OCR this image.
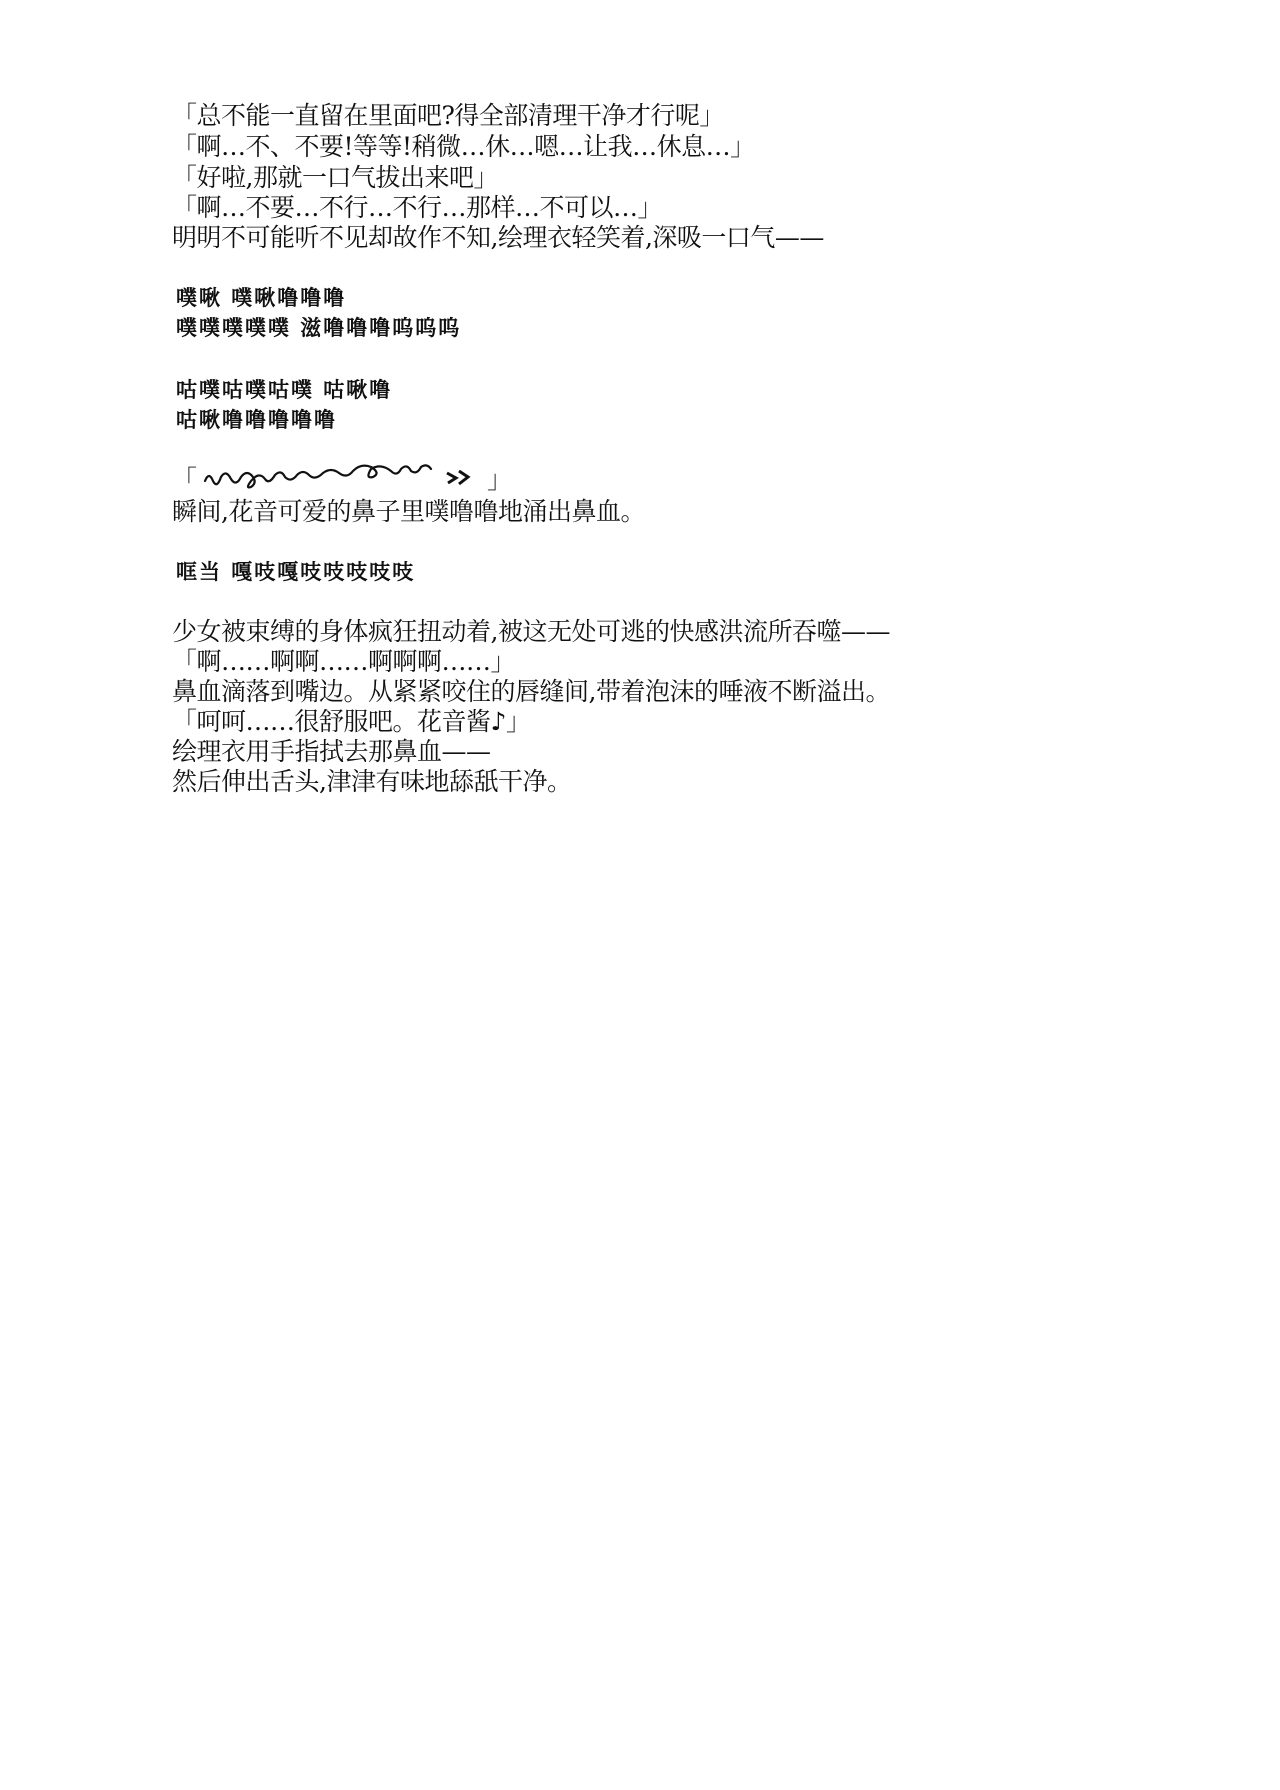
「总不能一直留在里面吧?得全部清理干净才行呢」
「啊…不、不要!等等!稍微…休…嗯…让我…休息…」
「好啦,那就一口气拔出来吧」
「啊…不要…不行…不行…那样…不可以…」
明明不可能听不见却故作不知,绘理衣轻笑着,深吸一口气——
噗啾 噗啾噜噜噜
噗噗噗噗噗 滋噜噜噜呜呜呜
咕噗咕噗咕噗 咕啾噜
咕啾噜噜噜噜噜
「	」
瞬间,花音可爱的鼻子里噗噜噜地涌出鼻血。
哐当 嘎吱嘎吱吱吱吱吱
少女被束缚的身体疯狂扭动着,被这无处可逃的快感洪流所吞噬——
「啊……啊啊……啊啊啊……」
鼻血滴落到嘴边。从紧紧咬住的唇缝间,带着泡沫的唾液不断溢出。
「呵呵……很舒服吧。花音酱♪」
绘理衣用手指拭去那鼻血——
然后伸出舌头,津津有味地舔舐干净。
